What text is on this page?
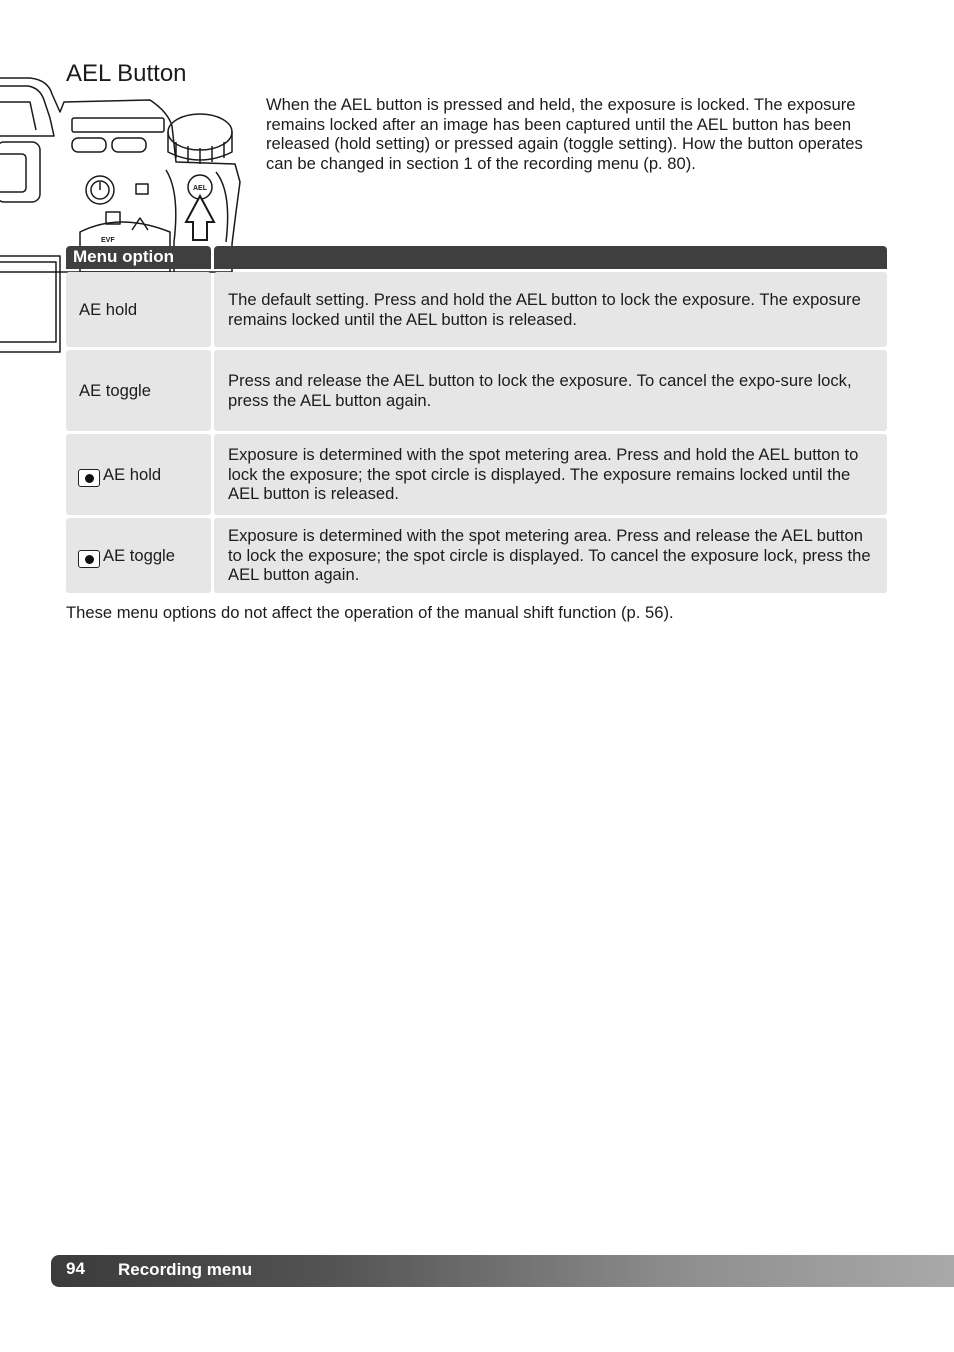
AEL Button
AEL
EVF

When the AEL button is pressed and held, the exposure is locked. The exposure remains locked after an image has been captured until the AEL button has been released (hold setting) or pressed again (toggle setting). How the button operates can be changed in section 1 of the recording menu (p. 80).

Menu option
AE hold
The default setting. Press and hold the AEL button to lock the exposure. The exposure remains locked until the AEL button is released.
AE toggle
Press and release the AEL button to lock the exposure. To cancel the expo-sure lock, press the AEL button again.
AE hold
Exposure is determined with the spot metering area. Press and hold the AEL button to lock the exposure; the spot circle is displayed. The exposure remains locked until the AEL button is released.
AE toggle
Exposure is determined with the spot metering area. Press and release the AEL button to lock the exposure; the spot circle is displayed. To cancel the exposure lock, press the AEL button again.

These menu options do not affect the operation of the manual shift function (p. 56).

94 Recording menu
